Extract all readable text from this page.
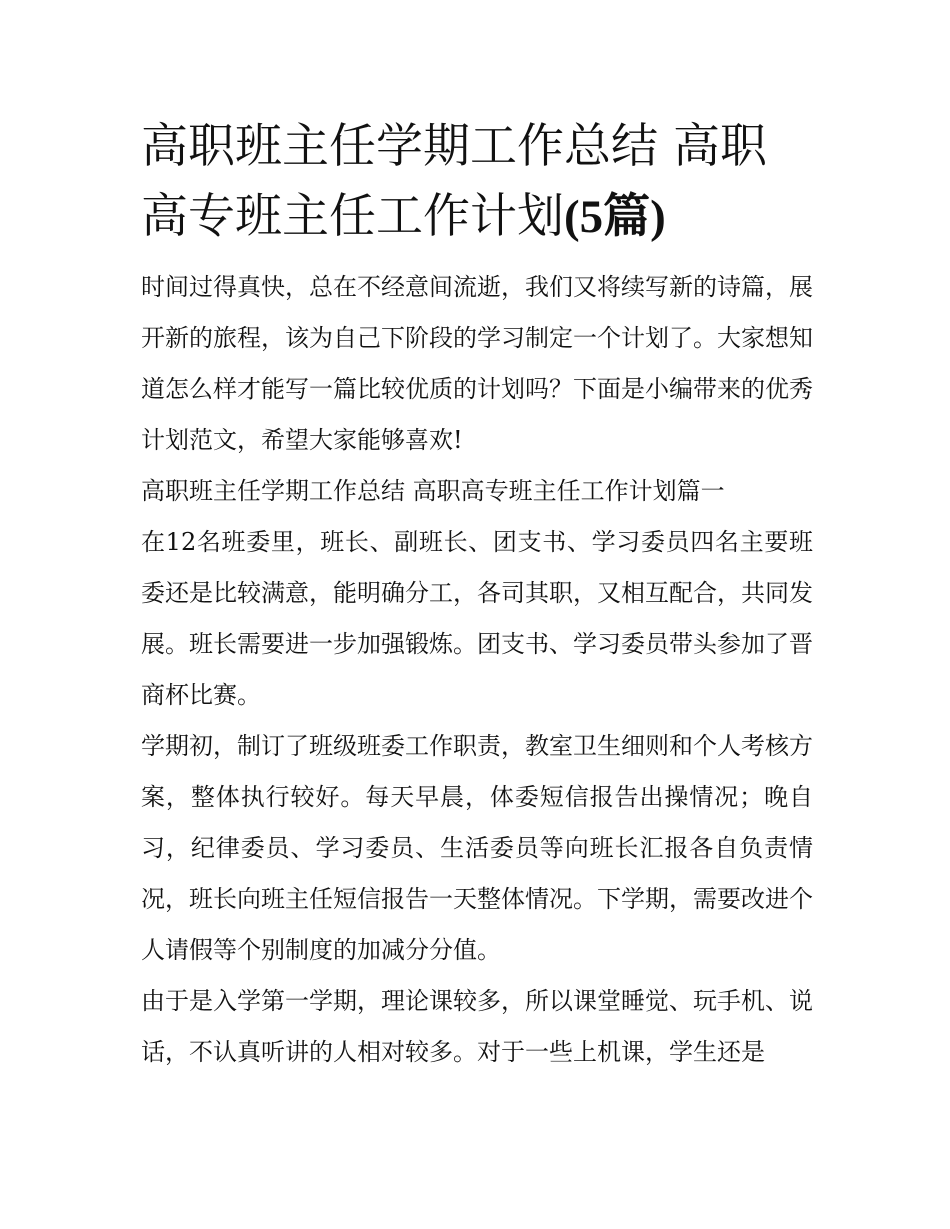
高职班主任学期工作总结 高职高专班主任工作计划(5篇)

时间过得真快，总在不经意间流逝，我们又将续写新的诗篇，展开新的旅程，该为自己下阶段的学习制定一个计划了。大家想知道怎么样才能写一篇比较优质的计划吗？下面是小编带来的优秀计划范文，希望大家能够喜欢!

高职班主任学期工作总结 高职高专班主任工作计划篇一

在12名班委里，班长、副班长、团支书、学习委员四名主要班委还是比较满意，能明确分工，各司其职，又相互配合，共同发展。班长需要进一步加强锻炼。团支书、学习委员带头参加了晋商杯比赛。

学期初，制订了班级班委工作职责，教室卫生细则和个人考核方案，整体执行较好。每天早晨，体委短信报告出操情况；晚自习，纪律委员、学习委员、生活委员等向班长汇报各自负责情况，班长向班主任短信报告一天整体情况。下学期，需要改进个人请假等个别制度的加减分分值。

由于是入学第一学期，理论课较多，所以课堂睡觉、玩手机、说话，不认真听讲的人相对较多。对于一些上机课，学生还是
